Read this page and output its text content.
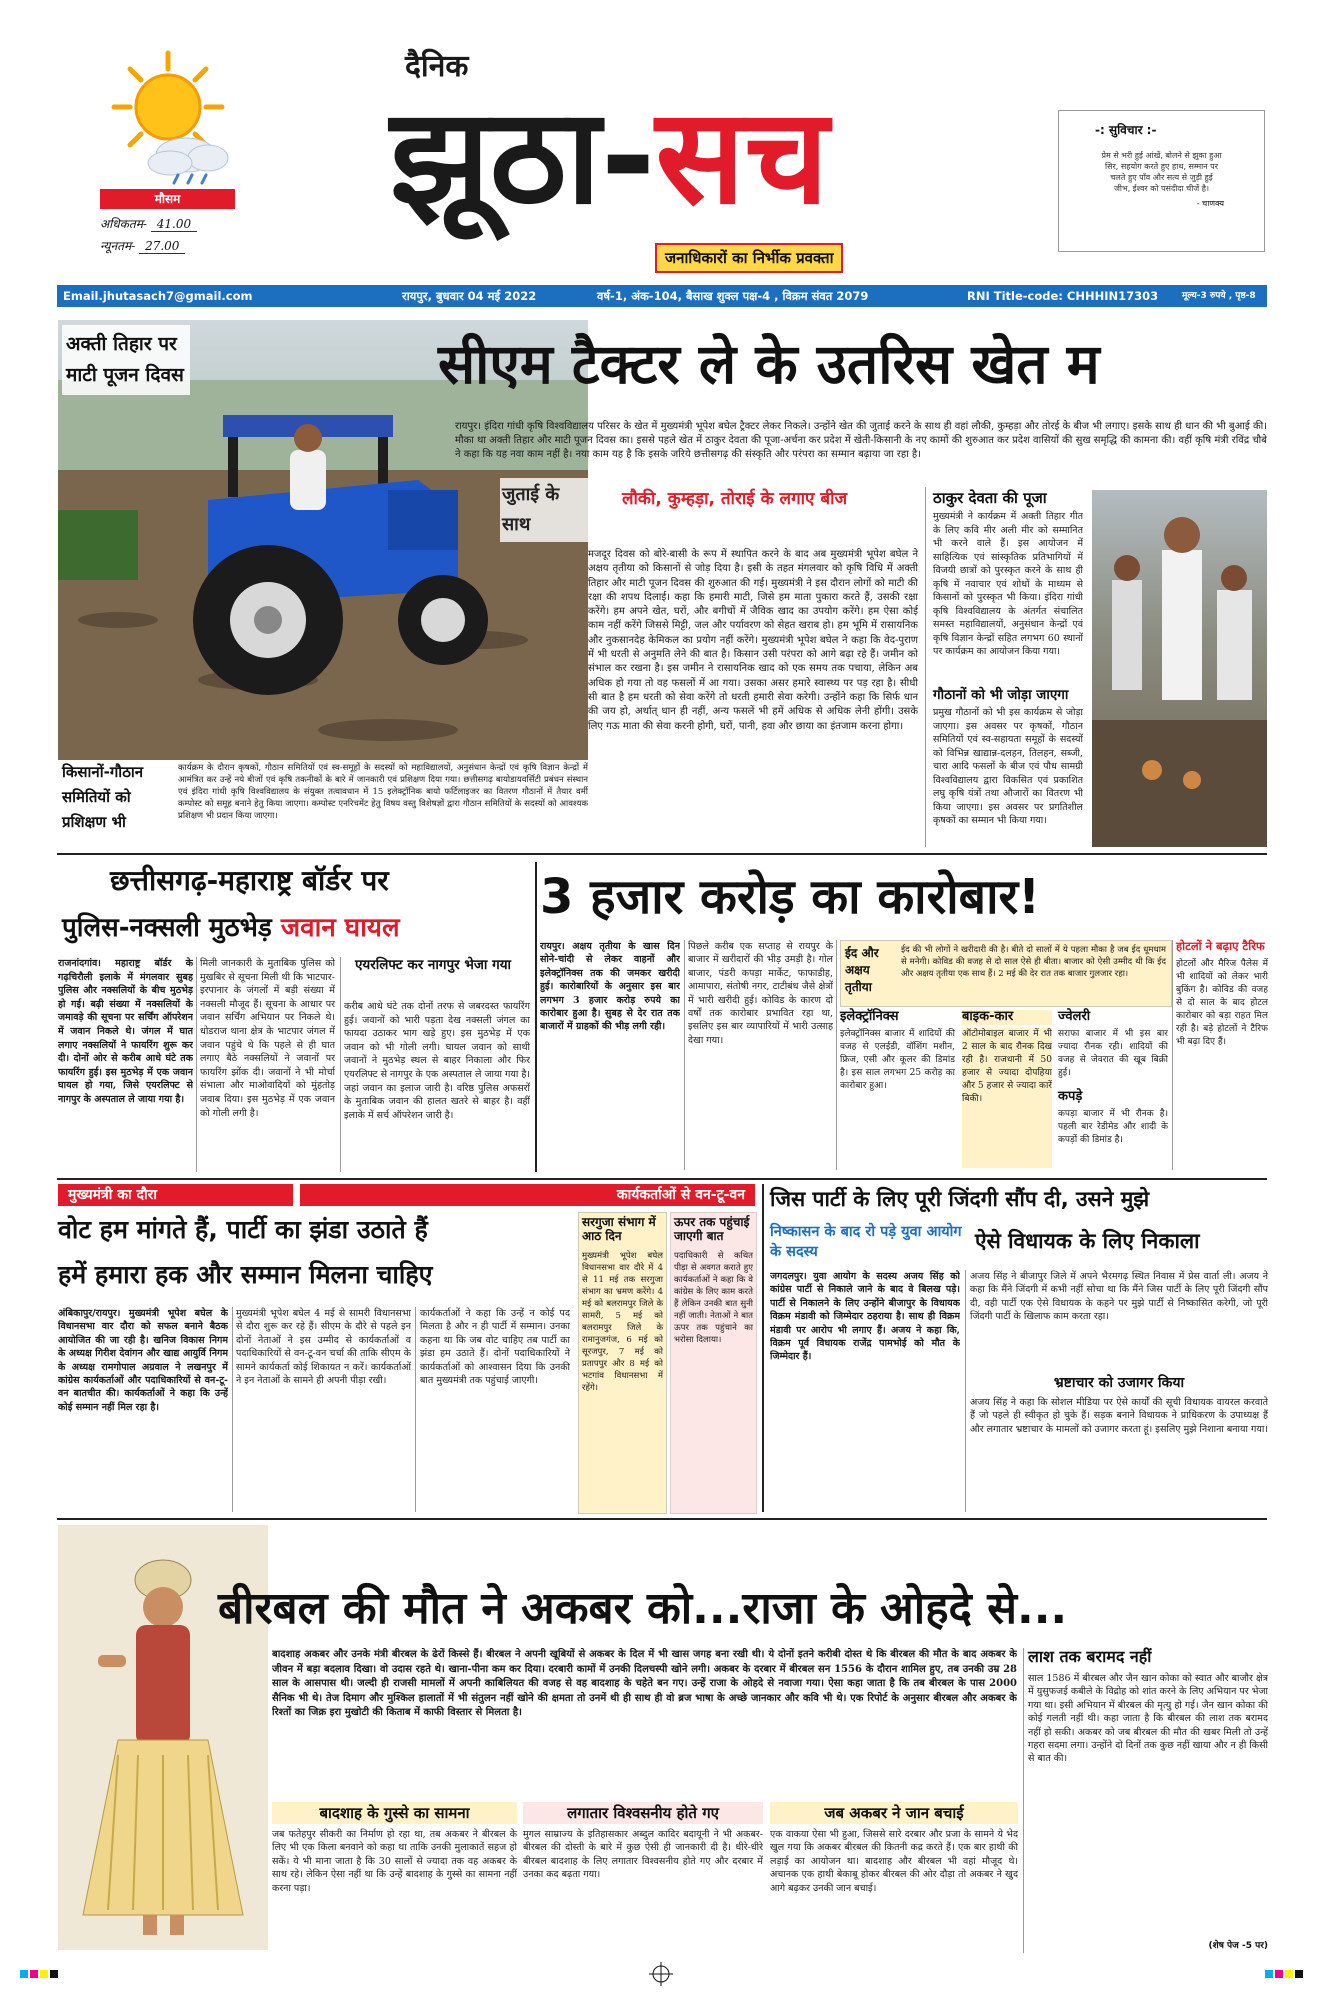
मौसम
अधिकतम- 41.00
न्यूनतम- 27.00
दैनिक
झूठा-सच
जनाधिकारों का निर्भीक प्रवक्ता
-: सुविचार :-
प्रेम से भरी हुई आंखें, बोलने से झुका हुआ
सिर, सहयोग करते हुए हाथ, सम्मान पर
चलते हुए पाँव और सत्य से जुड़ी हुई
जीभ, ईश्वर को पसंदीदा चीजें है।
- चाणक्य
Email.jhutasach7@gmail.com	रायपुर, बुधवार 04 मई 2022	वर्ष-1, अंक-104, बैसाख शुक्ल पक्ष-4 , विक्रम संवत 2079	RNI Title-code: CHHHIN17303	मूल्य-3 रुपये , पृष्ठ-8
अक्ती तिहार पर माटी पूजन दिवस
जुताई के साथ
किसानों-गौठान समितियों को प्रशिक्षण भी
कार्यक्रम के दौरान कृषकों, गौठान समितियों एवं स्व-समूहों के सदस्यों को महाविद्यालयों, अनुसंधान केन्द्रों एवं कृषि विज्ञान केन्द्रों में आमंत्रित कर उन्हें नये बीजों एवं कृषि तकनीकों के बारे में जानकारी एवं प्रशिक्षण दिया गया। छत्तीसगढ़ बायोडायवर्सिटी प्रबंधन संस्थान एवं इंदिरा गांधी कृषि विश्वविद्यालय के संयुक्त तत्वावधान में 15 इलेक्ट्रॉनिक बायो फर्टिलाइजर का वितरण गौठानों में तैयार वर्मी कम्पोस्ट को समूह बनाने हेतु किया जाएगा। कम्पोस्ट एनरिचमेंट हेतु विषय वस्तु विशेषज्ञों द्वारा गौठान समितियों के सदस्यों को आवश्यक प्रशिक्षण भी प्रदान किया जाएगा।
सीएम टैक्टर ले के उतरिस खेत म
रायपुर। इंदिरा गांधी कृषि विश्वविद्यालय परिसर के खेत में मुख्यमंत्री भूपेश बघेल ट्रैक्टर लेकर निकले। उन्होंने खेत की जुताई करने के साथ ही वहां लौकी, कुम्हड़ा और तोरई के बीज भी लगाए। इसके साथ ही धान की भी बुआई की। मौका था अक्ती तिहार और माटी पूजन दिवस का। इससे पहले खेत में ठाकुर देवता की पूजा-अर्चना कर प्रदेश में खेती-किसानी के नए कामों की शुरुआत कर प्रदेश वासियों की सुख समृद्धि की कामना की। वहीं कृषि मंत्री रविंद्र चौबे ने कहा कि यह नवा काम नहीं है। नया काम यह है कि इसके जरिये छत्तीसगढ़ की संस्कृति और परंपरा का सम्मान बढ़ाया जा रहा है।
लौकी, कुम्हड़ा, तोराई के लगाए बीज
मजदूर दिवस को बोरे-बासी के रूप में स्थापित करने के बाद अब मुख्यमंत्री भूपेश बघेल ने अक्षय तृतीया को किसानों से जोड़ दिया है। इसी के तहत मंगलवार को कृषि विधि में अक्ती तिहार और माटी पूजन दिवस की शुरुआत की गई। मुख्यमंत्री ने इस दौरान लोगों को माटी की रक्षा की शपथ दिलाई। कहा कि हमारी माटी, जिसे हम माता पुकारा करते हैं, उसकी रक्षा करेंगे। हम अपने खेत, घरों, और बगीचों में जैविक खाद का उपयोग करेंगे। हम ऐसा कोई काम नहीं करेंगे जिससे मिट्टी, जल और पर्यावरण को सेहत खराब हो। हम भूमि में रासायनिक और नुकसानदेह केमिकल का प्रयोग नहीं करेंगे। मुख्यमंत्री भूपेश बघेल ने कहा कि वेद-पुराण में भी धरती से अनुमति लेने की बात है। किसान उसी परंपरा को आगे बढ़ा रहे हैं। जमीन को संभाल कर रखना है। इस जमीन ने रासायनिक खाद को एक समय तक पचाया, लेकिन अब अधिक हो गया तो वह फसलों में आ गया। उसका असर हमारे स्वास्थ्य पर पड़ रहा है। सीधी सी बात है हम धरती को सेवा करेंगे तो धरती हमारी सेवा करेगी। उन्होंने कहा कि सिर्फ धान की जय हो, अर्थात् धान ही नहीं, अन्य फसलें भी हमें अधिक से अधिक लेनी होंगी। उसके लिए गऊ माता की सेवा करनी होगी, घरों, पानी, हवा और छाया का इंतजाम करना होगा।
ठाकुर देवता की पूजा
मुख्यमंत्री ने कार्यक्रम में अक्ती तिहार गीत के लिए कवि मीर अली मीर को सम्मानित भी करने वाले हैं। इस आयोजन में साहित्यिक एवं सांस्कृतिक प्रतिभागियों में विजयी छात्रों को पुरस्कृत करने के साथ ही कृषि में नवाचार एवं शोधों के माध्यम से किसानों को पुरस्कृत भी किया। इंदिरा गांधी कृषि विश्वविद्यालय के अंतर्गत संचालित समस्त महाविद्यालयों, अनुसंधान केन्द्रों एवं कृषि विज्ञान केन्द्रों सहित लगभग 60 स्थानों पर कार्यक्रम का आयोजन किया गया।
गौठानों को भी जोड़ा जाएगा
प्रमुख गौठानों को भी इस कार्यक्रम से जोड़ा जाएगा। इस अवसर पर कृषकों, गौठान समितियों एवं स्व-सहायता समूहों के सदस्यों को विभिन्न खाद्यान्न-दलहन, तिलहन, सब्जी, चारा आदि फसलों के बीज एवं पौध सामग्री विश्वविद्यालय द्वारा विकसित एवं प्रकाशित लघु कृषि यंत्रों तथा औजारों का वितरण भी किया जाएगा। इस अवसर पर प्रगतिशील कृषकों का सम्मान भी किया गया।
छत्तीसगढ़-महाराष्ट्र बॉर्डर पर
पुलिस-नक्सली मुठभेड़ जवान घायल
राजनांदगांव। महाराष्ट्र बॉर्डर के गढ़चिरौली इलाके में मंगलवार सुबह पुलिस और नक्सलियों के बीच मुठभेड़ हो गई। बढ़ी संख्या में नक्सलियों के जमावड़े की सूचना पर सर्चिंग ऑपरेशन में जवान निकले थे। जंगल में घात लगाए नक्सलियों ने फायरिंग शुरू कर दी। दोनों ओर से करीब आधे घंटे तक फायरिंग हुई। इस मुठभेड़ में एक जवान घायल हो गया, जिसे एयरलिफ्ट से नागपुर के अस्पताल ले जाया गया है।
मिली जानकारी के मुताबिक पुलिस को मुखबिर से सूचना मिली थी कि भाटपार-इरपानार के जंगलों में बड़ी संख्या में नक्सली मौजूद हैं। सूचना के आधार पर जवान सर्चिंग अभियान पर निकले थे। धोडराज थाना क्षेत्र के भाटपार जंगल में जवान पहुंचे थे कि पहले से ही घात लगाए बैठे नक्सलियों ने जवानों पर फायरिंग झोंक दी। जवानों ने भी मोर्चा संभाला और माओवादियों को मुंहतोड़ जवाब दिया। इस मुठभेड़ में एक जवान को गोली लगी है।
एयरलिफ्ट कर नागपुर भेजा गया
करीब आधे घंटे तक दोनों तरफ से जबरदस्त फायरिंग हुई। जवानों को भारी पड़ता देख नक्सली जंगल का फायदा उठाकर भाग खड़े हुए। इस मुठभेड़ में एक जवान को भी गोली लगी। घायल जवान को साथी जवानों ने मुठभेड़ स्थल से बाहर निकाला और फिर एयरलिफ्ट से नागपुर के एक अस्पताल ले जाया गया है। जहां जवान का इलाज जारी है। वरिष्ठ पुलिस अफसरों के मुताबिक जवान की हालत खतरे से बाहर है। वहीं इलाके में सर्च ऑपरेशन जारी है।
3 हजार करोड़ का कारोबार!
रायपुर। अक्षय तृतीया के खास दिन सोने-चांदी से लेकर वाहनों और इलेक्ट्रॉनिक्स तक की जमकर खरीदी हुई। कारोबारियों के अनुसार इस बार लगभग 3 हजार करोड़ रुपये का कारोबार हुआ है। सुबह से देर रात तक बाजारों में ग्राहकों की भीड़ लगी रही।
पिछले करीब एक सप्ताह से रायपुर के बाजार में खरीदारों की भीड़ उमड़ी है। गोल बाजार, पंडरी कपड़ा मार्केट, फाफाडीह, आमापारा, संतोषी नगर, टाटीबंध जैसे क्षेत्रों में भारी खरीदी हुई। कोविड के कारण दो वर्षों तक कारोबार प्रभावित रहा था, इसलिए इस बार व्यापारियों में भारी उत्साह देखा गया।
ईद और अक्षय तृतीया
ईद की भी लोगों ने खरीदारी की है। बीते दो सालों में ये पहला मौका है जब ईद धूमधाम से मनेगी। कोविड की वजह से दो साल ऐसे ही बीता। बाजार को ऐसी उम्मीद थी कि ईद और अक्षय तृतीया एक साथ हैं। 2 मई की देर रात तक बाजार गुलजार रहा।
इलेक्ट्रॉनिक्स
इलेक्ट्रॉनिक्स बाजार में शादियों की वजह से एलईडी, वॉशिंग मशीन, फ्रिज, एसी और कूलर की डिमांड है। इस साल लगभग 25 करोड़ का कारोबार हुआ।
बाइक-कार
ऑटोमोबाइल बाजार में भी 2 साल के बाद रौनक दिख रही है। राजधानी में 50 हजार से ज्यादा दोपहिया और 5 हजार से ज्यादा कारें बिकी।
ज्वेलरी
सराफा बाजार में भी इस बार ज्यादा रौनक रही। शादियों की वजह से जेवरात की खूब बिक्री हुई।
कपड़े
कपड़ा बाजार में भी रौनक है। पहली बार रेडीमेड और शादी के कपड़ों की डिमांड है।
होटलों ने बढ़ाए टैरिफ
होटलों और मैरिज पैलेस में भी शादियों को लेकर भारी बुकिंग है। कोविड की वजह से दो साल के बाद होटल कारोबार को बड़ा राहत मिल रही है। बड़े होटलों ने टैरिफ भी बढ़ा दिए हैं।
मुख्यमंत्री का दौरा	कार्यकर्ताओं से वन-टू-वन
वोट हम मांगते हैं, पार्टी का झंडा उठाते हैं
हमें हमारा हक और सम्मान मिलना चाहिए
अंबिकापुर/रायपुर। मुख्यमंत्री भूपेश बघेल के विधानसभा वार दौरा को सफल बनाने बैठक आयोजित की जा रही है। खनिज विकास निगम के अध्यक्ष गिरीश देवांगन और खाद्य आयुर्वि निगम के अध्यक्ष रामगोपाल अग्रवाल ने लखनपुर में कांग्रेस कार्यकर्ताओं और पदाधिकारियों से वन-टू-वन बातचीत की। कार्यकर्ताओं ने कहा कि उन्हें कोई सम्मान नहीं मिल रहा है।
मुख्यमंत्री भूपेश बघेल 4 मई से सामरी विधानसभा से दौरा शुरू कर रहे हैं। सीएम के दौरे से पहले इन दोनों नेताओं ने इस उम्मीद से कार्यकर्ताओं व पदाधिकारियों से वन-टू-वन चर्चा की ताकि सीएम के सामने कार्यकर्ता कोई शिकायत न करें। कार्यकर्ताओं ने इन नेताओं के सामने ही अपनी पीड़ा रखी।
कार्यकर्ताओं ने कहा कि उन्हें न कोई पद मिलता है और न ही पार्टी में सम्मान। उनका कहना था कि जब वोट चाहिए तब पार्टी का झंडा हम उठाते हैं। दोनों पदाधिकारियों ने कार्यकर्ताओं को आश्वासन दिया कि उनकी बात मुख्यमंत्री तक पहुंचाई जाएगी।
सरगुजा संभाग में आठ दिन
मुख्यमंत्री भूपेश बघेल विधानसभा वार दौरे में 4 से 11 मई तक सरगुजा संभाग का भ्रमण करेंगे। 4 मई को बलरामपुर जिले के सामरी, 5 मई को बलरामपुर जिले के रामानुजगंज, 6 मई को सूरजपुर, 7 मई को प्रतापपुर और 8 मई को भटगांव विधानसभा में रहेंगे।
ऊपर तक पहुंचाई जाएगी बात
पदाधिकारी से कथित पीड़ा से अवगत कराते हुए कार्यकर्ताओं ने कहा कि वे कांग्रेस के लिए काम करते हैं लेकिन उनकी बात सुनी नहीं जाती। नेताओं ने बात ऊपर तक पहुंचाने का भरोसा दिलाया।
जिस पार्टी के लिए पूरी जिंदगी सौंप दी, उसने मुझे
निष्कासन के बाद रो पड़े युवा आयोग के सदस्य	ऐसे विधायक के लिए निकाला
जगदलपुर। युवा आयोग के सदस्य अजय सिंह को कांग्रेस पार्टी से निकाले जाने के बाद वे बिलख पड़े। पार्टी से निकालने के लिए उन्होंने बीजापुर के विधायक विक्रम मंडावी को जिम्मेदार ठहराया है। साथ ही विक्रम मंडावी पर आरोप भी लगाए हैं। अजय ने कहा कि, विक्रम पूर्व विधायक राजेंद्र पामभोई को मौत के जिम्मेदार हैं।
अजय सिंह ने बीजापुर जिले में अपने भैरमगढ़ स्थित निवास में प्रेस वार्ता ली। अजय ने कहा कि मैंने जिंदगी में कभी नहीं सोचा था कि मैंने जिस पार्टी के लिए पूरी जिंदगी सौंप दी, वही पार्टी एक ऐसे विधायक के कहने पर मुझे पार्टी से निष्कासित करेगी, जो पूरी जिंदगी पार्टी के खिलाफ काम करता रहा।
भ्रष्टाचार को उजागर किया
अजय सिंह ने कहा कि सोशल मीडिया पर ऐसे कार्यों की सूची विधायक वायरल करवाते हैं जो पहले ही स्वीकृत हो चुके हैं। सड़क बनाने विधायक ने प्राधिकरण के उपाध्यक्ष हैं और लगातार भ्रष्टाचार के मामलों को उजागर करता हूं। इसलिए मुझे निशाना बनाया गया।
बीरबल की मौत ने अकबर को...राजा के ओहदे से...
बादशाह अकबर और उनके मंत्री बीरबल के ढेरों किस्से हैं। बीरबल ने अपनी खूबियों से अकबर के दिल में भी खास जगह बना रखी थी। ये दोनों इतने करीबी दोस्त थे कि बीरबल की मौत के बाद अकबर के जीवन में बड़ा बदलाव दिखा। वो उदास रहते थे। खाना-पीना कम कर दिया। दरबारी कामों में उनकी दिलचस्पी खोने लगी। अकबर के दरबार में बीरबल सन 1556 के दौरान शामिल हुए, तब उनकी उम्र 28 साल के आसपास थी। जल्दी ही राजसी मामलों में अपनी काबिलियत की वजह से वह बादशाह के चहेते बन गए। उन्हें राजा के ओहदे से नवाजा गया। ऐसा कहा जाता है कि तब बीरबल के पास 2000 सैनिक भी थे। तेज दिमाग और मुश्किल हालातों में भी संतुलन नहीं खोने की क्षमता तो उनमें थी ही साथ ही वो ब्रज भाषा के अच्छे जानकार और कवि भी थे। एक रिपोर्ट के अनुसार बीरबल और अकबर के रिश्तों का जिक्र इरा मुखोटी की किताब में काफी विस्तार से मिलता है।
लाश तक बरामद नहीं
साल 1586 में बीरबल और जैन खान कोका को स्वात और बाजौर क्षेत्र में युसुफजई कबीले के विद्रोह को शांत करने के लिए अभियान पर भेजा गया था। इसी अभियान में बीरबल की मृत्यु हो गई। जैन खान कोका की कोई गलती नहीं थी। कहा जाता है कि बीरबल की लाश तक बरामद नहीं हो सकी। अकबर को जब बीरबल की मौत की खबर मिली तो उन्हें गहरा सदमा लगा। उन्होंने दो दिनों तक कुछ नहीं खाया और न ही किसी से बात की।
(शेष पेज -5 पर)
बादशाह के गुस्से का सामना
जब फतेहपुर सीकरी का निर्माण हो रहा था, तब अकबर ने बीरबल के लिए भी एक किला बनवाने को कहा था ताकि उनकी मुलाकातें सहज हो सकें। ये भी माना जाता है कि 30 सालों से ज्यादा तक वह अकबर के साथ रहे। लेकिन ऐसा नहीं था कि उन्हें बादशाह के गुस्से का सामना नहीं करना पड़ा।
लगातार विश्वसनीय होते गए
मुगल साम्राज्य के इतिहासकार अब्दुल कादिर बदायूनी ने भी अकबर-बीरबल की दोस्ती के बारे में कुछ ऐसी ही जानकारी दी है। धीरे-धीरे बीरबल बादशाह के लिए लगातार विश्वसनीय होते गए और दरबार में उनका कद बढ़ता गया।
जब अकबर ने जान बचाई
एक वाकया ऐसा भी हुआ, जिससे सारे दरबार और प्रजा के सामने ये भेद खुल गया कि अकबर बीरबल की कितनी कद्र करते हैं। एक बार हाथी की लड़ाई का आयोजन था। बादशाह और बीरबल भी वहां मौजूद थे। अचानक एक हाथी बेकाबू होकर बीरबल की ओर दौड़ा तो अकबर ने खुद आगे बढ़कर उनकी जान बचाई।
